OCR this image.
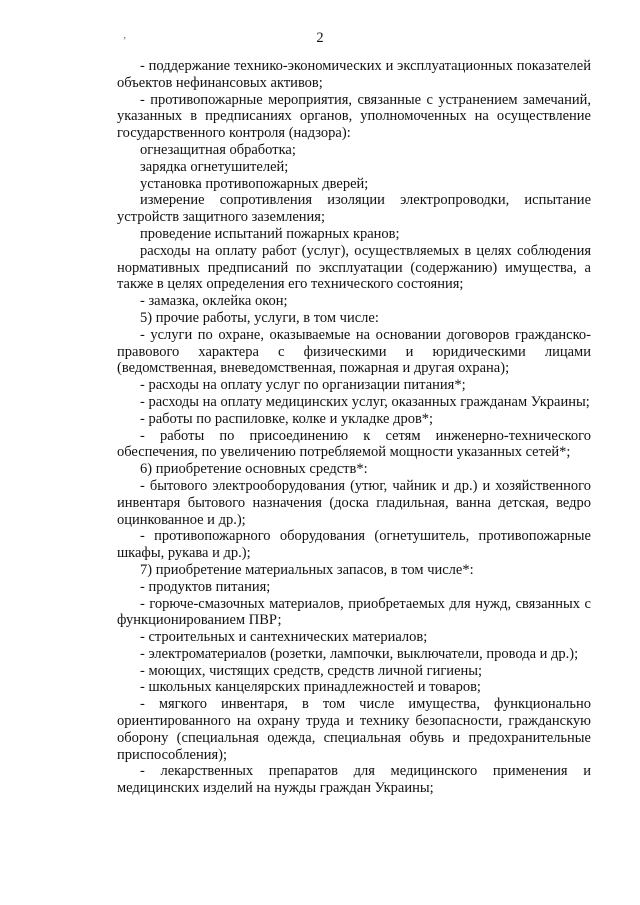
ʼ	2

- поддержание технико-экономических и эксплуатационных показателей объектов нефинансовых активов;

- противопожарные мероприятия, связанные с устранением замечаний, указанных в предписаниях органов, уполномоченных на осуществление государственного контроля (надзора):

огнезащитная обработка;

зарядка огнетушителей;

установка противопожарных дверей;

измерение сопротивления изоляции электропроводки, испытание устройств защитного заземления;

проведение испытаний пожарных кранов;

расходы на оплату работ (услуг), осуществляемых в целях соблюдения нормативных предписаний по эксплуатации (содержанию) имущества, а также в целях определения его технического состояния;

- замазка, оклейка окон;

5) прочие работы, услуги, в том числе:

- услуги по охране, оказываемые на основании договоров гражданско-правового характера с физическими и юридическими лицами (ведомственная, вневедомственная, пожарная и другая охрана);

- расходы на оплату услуг по организации питания*;

- расходы на оплату медицинских услуг, оказанных гражданам Украины;

- работы по распиловке, колке и укладке дров*;

- работы по присоединению к сетям инженерно-технического обеспечения, по увеличению потребляемой мощности указанных сетей*;

6) приобретение основных средств*:

- бытового электрооборудования (утюг, чайник и др.) и хозяйственного инвентаря бытового назначения (доска гладильная, ванна детская, ведро оцинкованное и др.);

- противопожарного оборудования (огнетушитель, противопожарные шкафы, рукава и др.);

7) приобретение материальных запасов, в том числе*:

- продуктов питания;

- горюче-смазочных материалов, приобретаемых для нужд, связанных с функционированием ПВР;

- строительных и сантехнических материалов;

- электроматериалов (розетки, лампочки, выключатели, провода и др.);

- моющих, чистящих средств, средств личной гигиены;

- школьных канцелярских принадлежностей и товаров;

- мягкого инвентаря, в том числе имущества, функционально ориентированного на охрану труда и технику безопасности, гражданскую оборону (специальная одежда, специальная обувь и предохранительные приспособления);

- лекарственных препаратов для медицинского применения и медицинских изделий на нужды граждан Украины;
